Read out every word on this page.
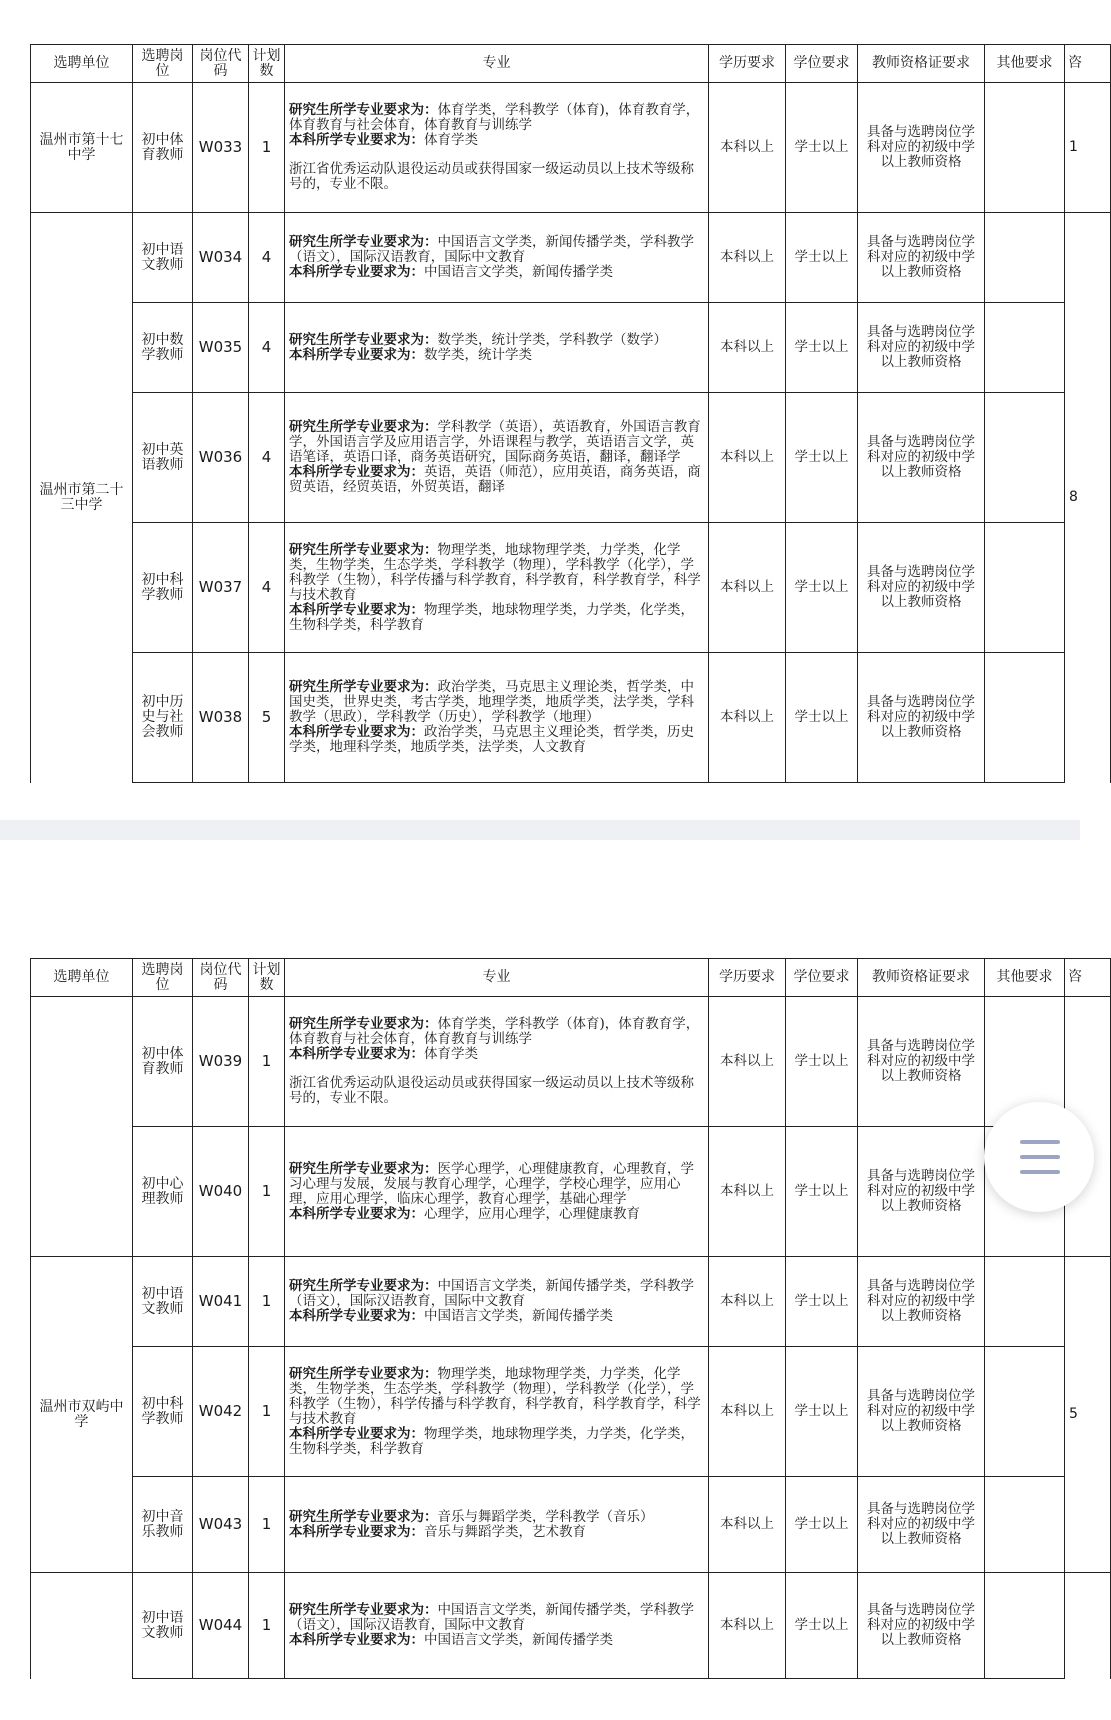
选聘单位	选聘岗位	岗位代码	计划数	专业	学历要求	学位要求	教师资格证要求	其他要求	咨
温州市第十七中学	初中体育教师	W033	1	研究生所学专业要求为：体育学类，学科教学（体育)，体育教育学，体育教育与社会体育，体育教育与训练学
本科所学专业要求为：体育学类
浙江省优秀运动队退役运动员或获得国家一级运动员以上技术等级称号的，专业不限。	本科以上	学士以上	具备与选聘岗位学科对应的初级中学以上教师资格		1
温州市第二十三中学	初中语文教师	W034	4	研究生所学专业要求为：中国语言文学类，新闻传播学类，学科教学（语文），国际汉语教育，国际中文教育
本科所学专业要求为：中国语言文学类，新闻传播学类	本科以上	学士以上	具备与选聘岗位学科对应的初级中学以上教师资格		8
	初中数学教师	W035	4	研究生所学专业要求为：数学类，统计学类，学科教学（数学）
本科所学专业要求为：数学类，统计学类	本科以上	学士以上	具备与选聘岗位学科对应的初级中学以上教师资格		
	初中英语教师	W036	4	研究生所学专业要求为：学科教学（英语），英语教育，外国语言教育学，外国语言学及应用语言学，外语课程与教学，英语语言文学，英语笔译，英语口译，商务英语研究，国际商务英语，翻译，翻译学
本科所学专业要求为：英语，英语（师范），应用英语，商务英语，商贸英语，经贸英语，外贸英语，翻译	本科以上	学士以上	具备与选聘岗位学科对应的初级中学以上教师资格		
	初中科学教师	W037	4	研究生所学专业要求为：物理学类，地球物理学类，力学类，化学类，生物学类，生态学类，学科教学（物理），学科教学（化学），学科教学（生物），科学传播与科学教育，科学教育，科学教育学，科学与技术教育
本科所学专业要求为：物理学类，地球物理学类，力学类，化学类，生物科学类，科学教育	本科以上	学士以上	具备与选聘岗位学科对应的初级中学以上教师资格		
	初中历史与社会教师	W038	5	研究生所学专业要求为：政治学类，马克思主义理论类，哲学类，中国史类，世界史类，考古学类，地理学类，地质学类，法学类，学科教学（思政），学科教学（历史），学科教学（地理）
本科所学专业要求为：政治学类，马克思主义理论类，哲学类，历史学类，地理科学类，地质学类，法学类，人文教育	本科以上	学士以上	具备与选聘岗位学科对应的初级中学以上教师资格		
选聘单位	选聘岗位	岗位代码	计划数	专业	学历要求	学位要求	教师资格证要求	其他要求	咨
	初中体育教师	W039	1	研究生所学专业要求为：体育学类，学科教学（体育)，体育教育学，体育教育与社会体育，体育教育与训练学
本科所学专业要求为：体育学类
浙江省优秀运动队退役运动员或获得国家一级运动员以上技术等级称号的，专业不限。	本科以上	学士以上	具备与选聘岗位学科对应的初级中学以上教师资格		
	初中心理教师	W040	1	研究生所学专业要求为：医学心理学，心理健康教育，心理教育，学习心理与发展，发展与教育心理学，心理学，学校心理学，应用心理，应用心理学，临床心理学，教育心理学，基础心理学
本科所学专业要求为：心理学，应用心理学，心理健康教育	本科以上	学士以上	具备与选聘岗位学科对应的初级中学以上教师资格		
温州市双屿中学	初中语文教师	W041	1	研究生所学专业要求为：中国语言文学类，新闻传播学类，学科教学（语文），国际汉语教育，国际中文教育
本科所学专业要求为：中国语言文学类，新闻传播学类	本科以上	学士以上	具备与选聘岗位学科对应的初级中学以上教师资格		5
	初中科学教师	W042	1	研究生所学专业要求为：物理学类，地球物理学类，力学类，化学类，生物学类，生态学类，学科教学（物理），学科教学（化学），学科教学（生物），科学传播与科学教育，科学教育，科学教育学，科学与技术教育
本科所学专业要求为：物理学类，地球物理学类，力学类，化学类，生物科学类，科学教育	本科以上	学士以上	具备与选聘岗位学科对应的初级中学以上教师资格		
	初中音乐教师	W043	1	研究生所学专业要求为：音乐与舞蹈学类，学科教学（音乐）
本科所学专业要求为：音乐与舞蹈学类，艺术教育	本科以上	学士以上	具备与选聘岗位学科对应的初级中学以上教师资格		
	初中语文教师	W044	1	研究生所学专业要求为：中国语言文学类，新闻传播学类，学科教学（语文），国际汉语教育，国际中文教育
本科所学专业要求为：中国语言文学类，新闻传播学类	本科以上	学士以上	具备与选聘岗位学科对应的初级中学以上教师资格		
